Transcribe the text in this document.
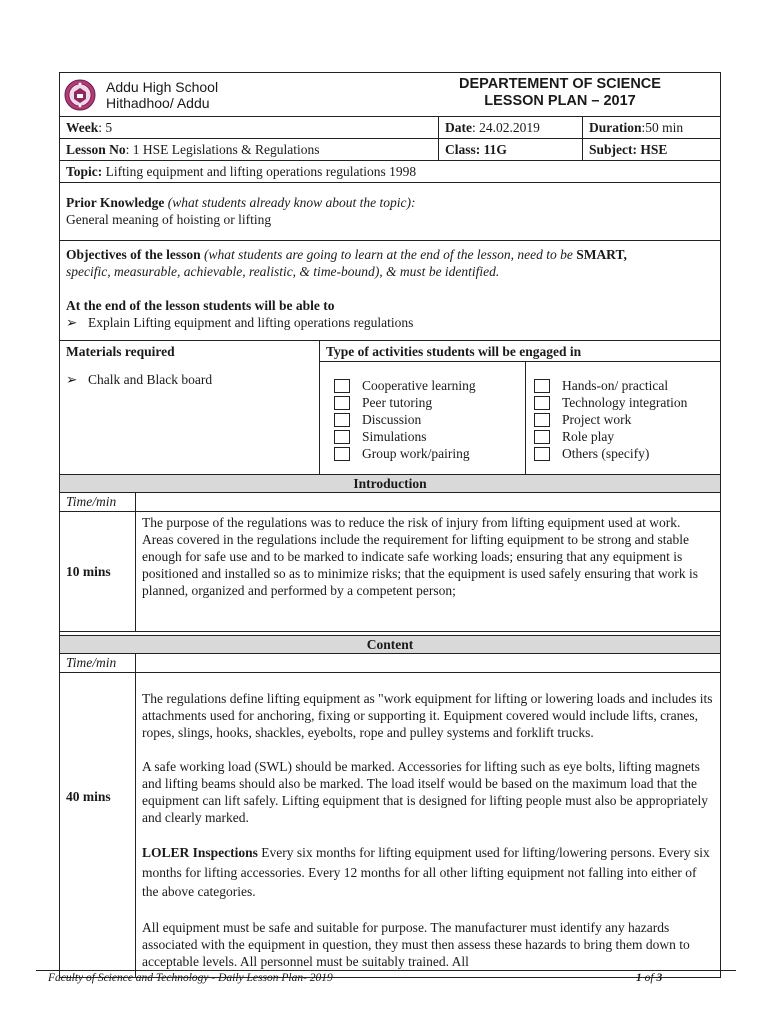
Addu High School
Hithadhoo/ Addu
DEPARTEMENT OF SCIENCE
LESSON PLAN – 2017
Week: 5	Date: 24.02.2019	Duration:50 min
Lesson No: 1 HSE Legislations & Regulations	Class: 11G	Subject: HSE
Topic: Lifting equipment and lifting operations regulations 1998
Prior Knowledge (what students already know about the topic):
General meaning of hoisting or lifting
Objectives of the lesson (what students are going to learn at the end of the lesson, need to be SMART,
specific, measurable, achievable, realistic, & time-bound), & must be identified.
At the end of the lesson students will be able to
➢ Explain Lifting equipment and lifting operations regulations
Materials required
➢ Chalk and Black board
Type of activities students will be engaged in
Cooperative learning
Peer tutoring
Discussion
Simulations
Group work/pairing
Hands-on/ practical
Technology integration
Project work
Role play
Others (specify)
Introduction
Time/min
10 mins
The purpose of the regulations was to reduce the risk of injury from lifting equipment used at work. Areas covered in the regulations include the requirement for lifting equipment to be strong and stable enough for safe use and to be marked to indicate safe working loads; ensuring that any equipment is positioned and installed so as to minimize risks; that the equipment is used safely ensuring that work is planned, organized and performed by a competent person;
Content
Time/min
40 mins

The regulations define lifting equipment as "work equipment for lifting or lowering loads and includes its attachments used for anchoring, fixing or supporting it. Equipment covered would include lifts, cranes, ropes, slings, hooks, shackles, eyebolts, rope and pulley systems and forklift trucks.

A safe working load (SWL) should be marked. Accessories for lifting such as eye bolts, lifting magnets and lifting beams should also be marked. The load itself would be based on the maximum load that the equipment can lift safely. Lifting equipment that is designed for lifting people must also be appropriately and clearly marked.

LOLER Inspections Every six months for lifting equipment used for lifting/lowering persons. Every six months for lifting accessories. Every 12 months for all other lifting equipment not falling into either of the above categories.

All equipment must be safe and suitable for purpose. The manufacturer must identify any hazards associated with the equipment in question, they must then assess these hazards to bring them down to acceptable levels. All personnel must be suitably trained. All

Faculty of Science and Technology - Daily Lesson Plan- 2019	1 of 3
